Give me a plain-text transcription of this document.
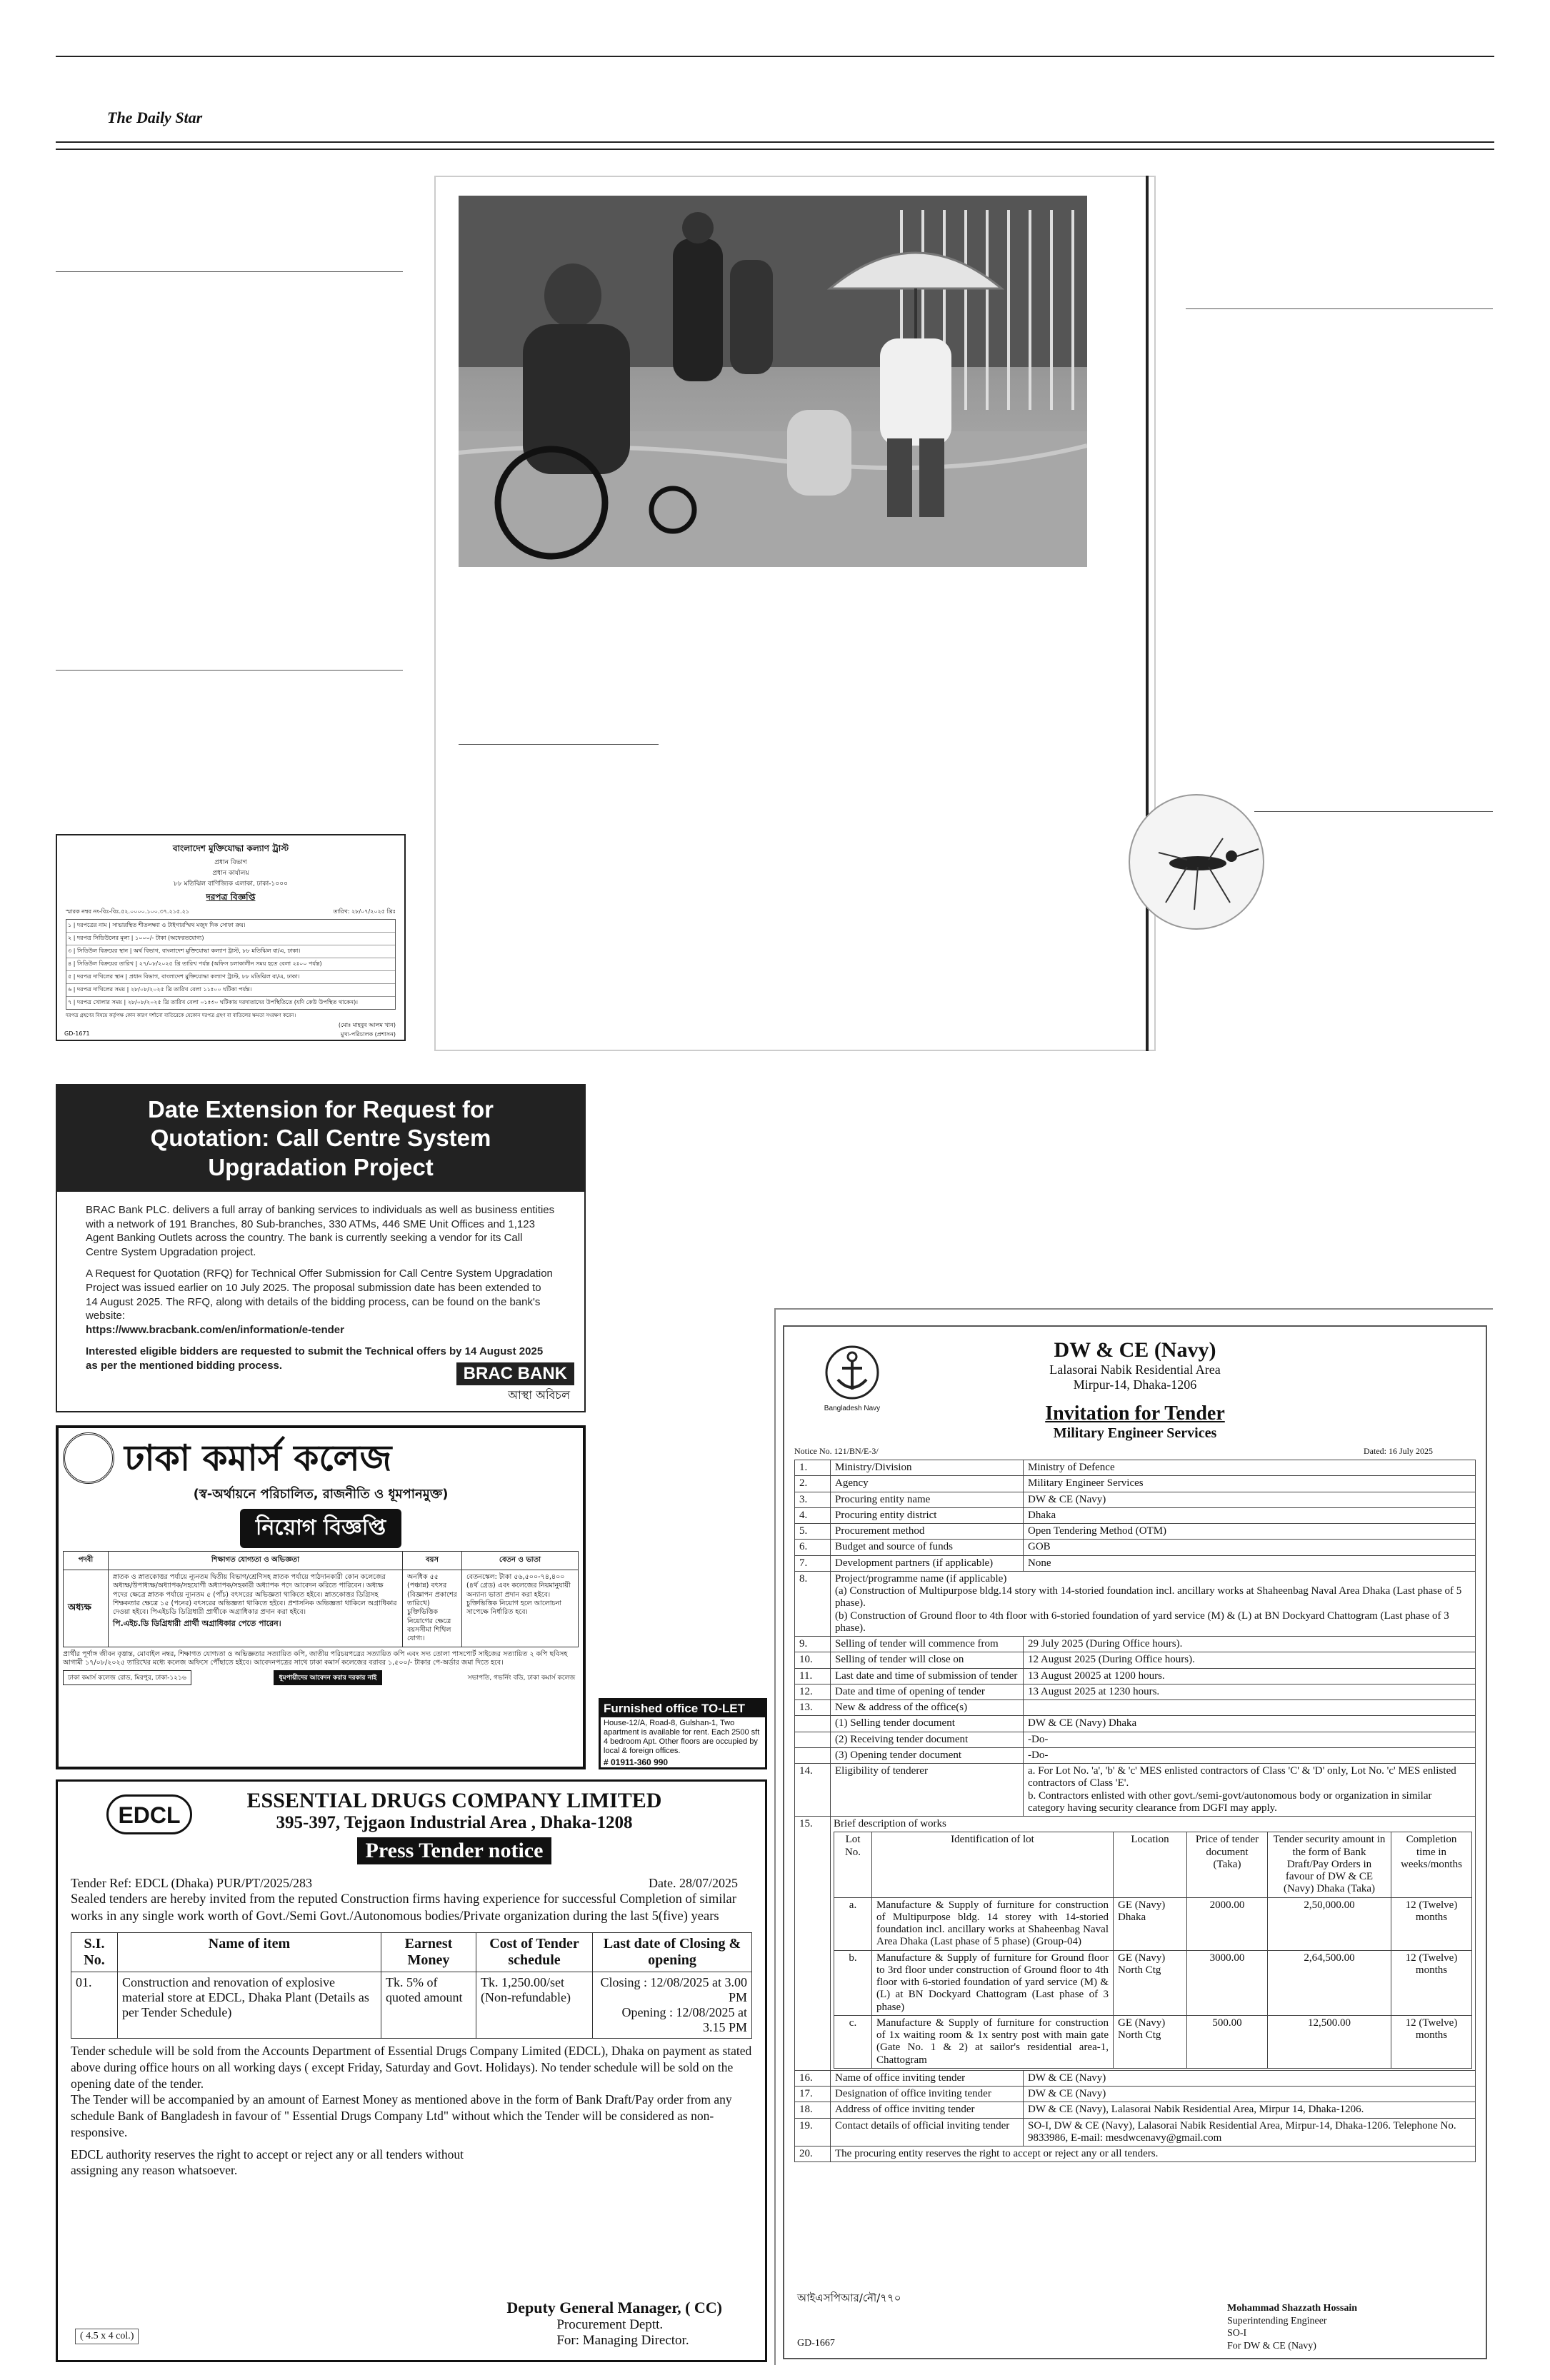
The Daily Star
বাংলাদেশ মুক্তিযোদ্ধা কল্যাণ ট্রাস্ট
প্রধান বিভাগ
প্রধান কার্যালয়
৮৮ মতিঝিল বাণিজ্যিক এলাকা, ঢাকা-১০০০
দরপত্র বিজ্ঞপ্তি
স্মারক নম্বর নং-বিঃ-বিঃ.৫২.০০০০.১০০.৩৭.২১৫.২১	তারিখ: ২৮/০৭/২০২৫ খ্রিঃ
১ | দরপত্রের নাম | সাভারস্থিত শীতলক্ষ্যা ও টাইগারস্মিথ মজুদ দিক সোফা ক্রয়।
২ | দরপত্র সিডিউলের মূল্য | ১০০০/- টাকা (অফেরতযোগ্য)
৩ | সিডিউল বিক্রয়ের স্থান | অর্থ বিভাগ, বাংলাদেশ মুক্তিযোদ্ধা কল্যাণ ট্রাস্ট, ৮৮ মতিঝিল বা/এ, ঢাকা।
৪ | সিডিউল বিক্রয়ের তারিখ | ২৭/০৮/২০২৫ খ্রি তারিখ পর্যন্ত (অফিস চলাকালীন সময় হতে বেলা ২ঃ০০ পর্যন্ত)
৫ | দরপত্র দাখিলের স্থান | প্রধান বিভাগ, বাংলাদেশ মুক্তিযোদ্ধা কল্যাণ ট্রাস্ট, ৮৮ মতিঝিল বা/এ, ঢাকা।
৬ | দরপত্র দাখিলের সময় | ২৮/০৮/২০২৫ খ্রি তারিখ বেলা ১১ঃ০০ ঘটিকা পর্যন্ত।
৭ | দরপত্র খোলার সময় | ২৮/০৮/২০২৫ খ্রি তারিখ বেলা ০১ঃ৩০ ঘটিকায় দরদাতাদের উপস্থিতিতে (যদি কেউ উপস্থিত থাকেন)।
দরপত্র গ্রহণের বিষয়ে কর্তৃপক্ষ কোন কারণ দর্শানো ব্যতিরেকে যেকোন দরপত্র গ্রহণ বা বাতিলের ক্ষমতা সংরক্ষণ করেন।
(মোঃ মাহবুব আলম খান)
মুখ্য-পরিচালক (প্রশাসন)
GD-1671
Date Extension for Request for Quotation: Call Centre System Upgradation Project
BRAC Bank PLC. delivers a full array of banking services to individuals as well as business entities with a network of 191 Branches, 80 Sub-branches, 330 ATMs, 446 SME Unit Offices and 1,123 Agent Banking Outlets across the country. The bank is currently seeking a vendor for its Call Centre System Upgradation project.
A Request for Quotation (RFQ) for Technical Offer Submission for Call Centre System Upgradation Project was issued earlier on 10 July 2025. The proposal submission date has been extended to 14 August 2025. The RFQ, along with details of the bidding process, can be found on the bank's website:
https://www.bracbank.com/en/information/e-tender
Interested eligible bidders are requested to submit the Technical offers by 14 August 2025 as per the mentioned bidding process.	BRAC BANK
আস্থা অবিচল
ঢাকা কমার্স কলেজ
(স্ব-অর্থায়নে পরিচালিত, রাজনীতি ও ধূমপানমুক্ত)
নিয়োগ বিজ্ঞপ্তি
পদবী	শিক্ষাগত যোগ্যতা ও অভিজ্ঞতা	বয়স	বেতন ও ভাতা
অধ্যক্ষ	স্নাতক ও স্নাতকোত্তর পর্যায়ে ন্যূনতম দ্বিতীয় বিভাগ/শ্রেণিসহ স্নাতক পর্যায়ে পাঠদানকারী কোন কলেজের অধ্যক্ষ/উপাধ্যক্ষ/অধ্যাপক/সহযোগী অধ্যাপক/সহকারী অধ্যাপক পদে আবেদন করিতে পারিবেন। অধ্যক্ষ পদের ক্ষেত্রে স্নাতক পর্যায়ে ন্যূনতম ৫ (পাঁচ) বৎসরের অভিজ্ঞতা থাকিতে হইবে। স্নাতকোত্তর ডিগ্রিসহ শিক্ষকতার ক্ষেত্রে ১৫ (পনের) বৎসরের অভিজ্ঞতা থাকিতে হইবে। প্রশাসনিক অভিজ্ঞতা থাকিলে অগ্রাধিকার দেওয়া হইবে। পিএইচডি ডিগ্রিধারী প্রার্থীকে অগ্রাধিকার প্রদান করা হইবে।
পি.এইচ.ডি ডিগ্রিধারী প্রার্থী অগ্রাধিকার পেতে পারেন।	অনধিক ৫৫ (পঞ্চান্ন) বৎসর (বিজ্ঞাপন প্রকাশের তারিখে) চুক্তিভিত্তিক নিয়োগের ক্ষেত্রে বয়সসীমা শিথিল যোগ্য।	বেতনস্কেল: টাকা ৫৬,৫০০-৭৪,৪০০ (৪র্থ গ্রেড) এবং কলেজের নিয়মানুযায়ী অন্যান্য ভাতা প্রদান করা হইবে। চুক্তিভিত্তিক নিয়োগ হলে আলোচনা সাপেক্ষে নির্ধারিত হবে।
প্রার্থীর পূর্ণাঙ্গ জীবন বৃত্তান্ত, মোবাইল নম্বর, শিক্ষাগত যোগ্যতা ও অভিজ্ঞতার সত্যায়িত কপি, জাতীয় পরিচয়পত্রের সত্যায়িত কপি এবং সদ্য তোলা পাসপোর্ট সাইজের সত্যায়িত ২ কপি ছবিসহ আগামী ১৭/০৮/২০২৫ তারিখের মধ্যে কলেজ অফিসে পৌঁছাতে হইবে। আবেদনপত্রের সাথে ঢাকা কমার্স কলেজের বরাবর ১,৫০০/- টাকার পে-অর্ডার জমা দিতে হবে।
ঢাকা কমার্স কলেজ রোড, মিরপুর, ঢাকা-১২১৬	ধূমপায়ীদের আবেদন করার দরকার নাই	সভাপতি, গভর্নিং বডি, ঢাকা কমার্স কলেজ
Furnished office TO-LET
House-12/A, Road-8, Gulshan-1, Two apartment is available for rent. Each 2500 sft 4 bedroom Apt. Other floors are occupied by local & foreign offices.
# 01911-360 990
EDCL
ESSENTIAL DRUGS COMPANY LIMITED
395-397, Tejgaon Industrial Area , Dhaka-1208
Press Tender notice
Tender Ref: EDCL (Dhaka) PUR/PT/2025/283	Date. 28/07/2025
Sealed tenders are hereby invited from the reputed Construction firms having experience for successful Completion of similar works in any single work worth of Govt./Semi Govt./Autonomous bodies/Private organization during the last 5(five) years
S.I. No.	Name of item	Earnest Money	Cost of Tender schedule	Last date of Closing & opening
01.	Construction and renovation of explosive material store at EDCL, Dhaka Plant (Details as per Tender Schedule)	Tk. 5% of quoted amount	Tk. 1,250.00/set (Non-refundable)	Closing : 12/08/2025 at 3.00 PM
Opening : 12/08/2025 at 3.15 PM
Tender schedule will be sold from the Accounts Department of Essential Drugs Company Limited (EDCL), Dhaka on payment as stated above during office hours on all working days ( except Friday, Saturday and Govt. Holidays). No tender schedule will be sold on the opening date of the tender.
The Tender will be accompanied by an amount of Earnest Money as mentioned above in the form of Bank Draft/Pay order from any schedule Bank of Bangladesh in favour of " Essential Drugs Company Ltd" without which the Tender will be considered as non-responsive.
EDCL authority reserves the right to accept or reject any or all tenders without assigning any reason whatsoever.
( 4.5 x 4 col.)
Deputy General Manager, ( CC)
Procurement Deptt.
For: Managing Director.
Bangladesh Navy
DW & CE (Navy)
Lalasorai Nabik Residential Area
Mirpur-14, Dhaka-1206
Invitation for Tender
Military Engineer Services
Notice No. 121/BN/E-3/	Dated: 16 July 2025
1.	Ministry/Division	Ministry of Defence
2.	Agency	Military Engineer Services
3.	Procuring entity name	DW & CE (Navy)
4.	Procuring entity district	Dhaka
5.	Procurement method	Open Tendering Method (OTM)
6.	Budget and source of funds	GOB
7.	Development partners (if applicable)	None
8.	Project/programme name (if applicable)
(a) Construction of Multipurpose bldg.14 story with 14-storied foundation incl. ancillary works at Shaheenbag Naval Area Dhaka (Last phase of 5 phase).
(b) Construction of Ground floor to 4th floor with 6-storied foundation of yard service (M) & (L) at BN Dockyard Chattogram (Last phase of 3 phase).

9.	Selling of tender will commence from	29 July 2025 (During Office hours).
10.	Selling of tender will close on	12 August 2025 (During Office hours).
11.	Last date and time of submission of tender	13 August 20025 at 1200 hours.
12.	Date and time of opening of tender	13 August 2025 at 1230 hours.
13.	New & address of the office(s)	
	(1) Selling tender document	DW & CE (Navy) Dhaka
	(2) Receiving tender document	-Do-
	(3) Opening tender document	-Do-
14.	Eligibility of tenderer	a. For Lot No. 'a', 'b' & 'c' MES enlisted contractors of Class 'C' & 'D' only, Lot No. 'c' MES enlisted contractors of Class 'E'.
b. Contractors enlisted with other govt./semi-govt/autonomous body or organization in similar category having security clearance from DGFI may apply.

15.	Brief description of works
Lot No.	Identification of lot	Location	Price of tender document (Taka)	Tender security amount in the form of Bank Draft/Pay Orders in favour of DW & CE (Navy) Dhaka (Taka)	Completion time in weeks/months
a.	Manufacture & Supply of furniture for construction of Multipurpose bldg. 14 storey with 14-storied foundation incl. ancillary works at Shaheenbag Naval Area Dhaka (Last phase of 5 phase) (Group-04)	GE (Navy) Dhaka	2000.00	2,50,000.00	12 (Twelve) months
b.	Manufacture & Supply of furniture for Ground floor to 3rd floor under construction of Ground floor to 4th floor with 6-storied foundation of yard service (M) & (L) at BN Dockyard Chattogram (Last phase of 3 phase)	GE (Navy) North Ctg	3000.00	2,64,500.00	12 (Twelve) months
c.	Manufacture & Supply of furniture for construction of 1x waiting room & 1x sentry post with main gate (Gate No. 1 & 2) at sailor's residential area-1, Chattogram	GE (Navy) North Ctg	500.00	12,500.00	12 (Twelve) months

16.	Name of office inviting tender	DW & CE (Navy)
17.	Designation of office inviting tender	DW & CE (Navy)
18.	Address of office inviting tender	DW & CE (Navy), Lalasorai Nabik Residential Area, Mirpur 14, Dhaka-1206.
19.	Contact details of official inviting tender	SO-I, DW & CE (Navy), Lalasorai Nabik Residential Area, Mirpur-14, Dhaka-1206. Telephone No. 9833986, E-mail: mesdwcenavy@gmail.com
20.	The procuring entity reserves the right to accept or reject any or all tenders.
আইএসপিআর/নৌ/৭৭০
GD-1667
Mohammad Shazzath Hossain
Superintending Engineer
SO-I
For DW & CE (Navy)
